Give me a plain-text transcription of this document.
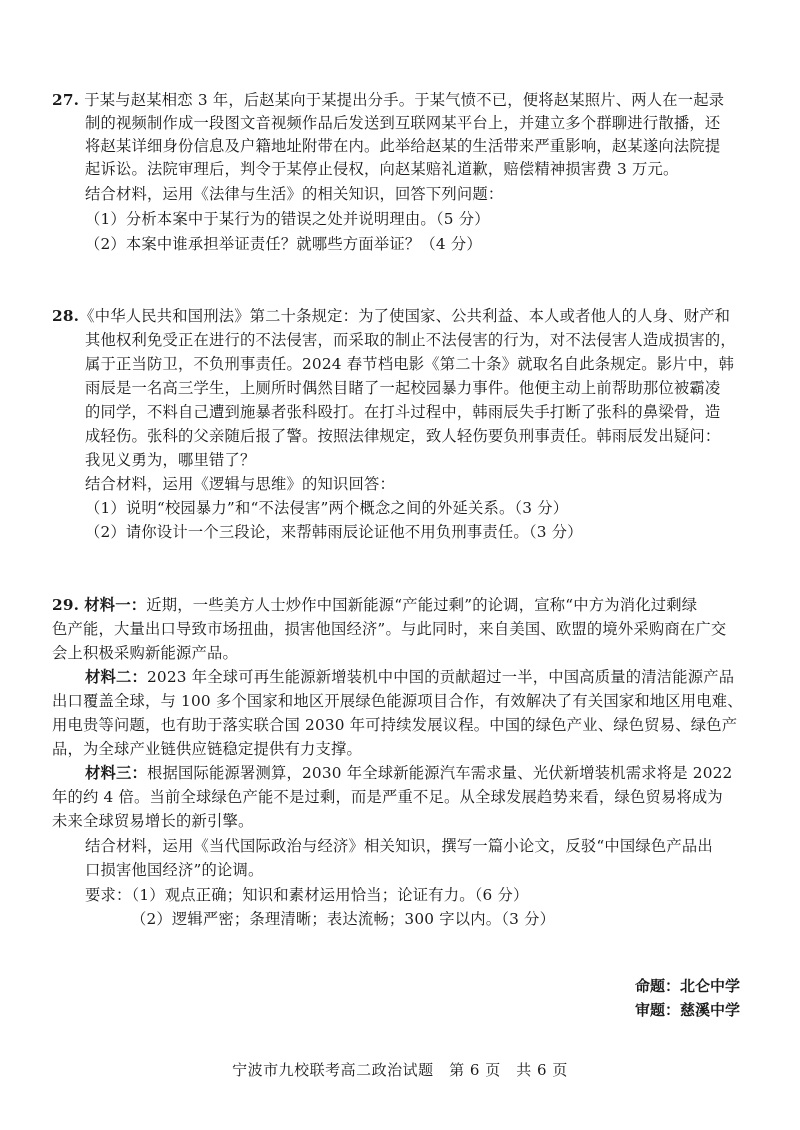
27. 于某与赵某相恋 3 年，后赵某向于某提出分手。于某气愤不已，便将赵某照片、两人在一起录
制的视频制作成一段图文音视频作品后发送到互联网某平台上，并建立多个群聊进行散播，还
将赵某详细身份信息及户籍地址附带在内。此举给赵某的生活带来严重影响，赵某遂向法院提
起诉讼。法院审理后，判令于某停止侵权，向赵某赔礼道歉，赔偿精神损害费 3 万元。
结合材料，运用《法律与生活》的相关知识，回答下列问题：
（1）分析本案中于某行为的错误之处并说明理由。（5 分）
（2）本案中谁承担举证责任？就哪些方面举证？（4 分）
28.《中华人民共和国刑法》第二十条规定：为了使国家、公共利益、本人或者他人的人身、财产和
其他权利免受正在进行的不法侵害，而采取的制止不法侵害的行为，对不法侵害人造成损害的，
属于正当防卫，不负刑事责任。2024 春节档电影《第二十条》就取名自此条规定。影片中，韩
雨辰是一名高三学生，上厕所时偶然目睹了一起校园暴力事件。他便主动上前帮助那位被霸凌
的同学，不料自己遭到施暴者张科殴打。在打斗过程中，韩雨辰失手打断了张科的鼻梁骨，造
成轻伤。张科的父亲随后报了警。按照法律规定，致人轻伤要负刑事责任。韩雨辰发出疑问：
我见义勇为，哪里错了？
结合材料，运用《逻辑与思维》的知识回答：
（1）说明“校园暴力”和“不法侵害”两个概念之间的外延关系。（3 分）
（2）请你设计一个三段论，来帮韩雨辰论证他不用负刑事责任。（3 分）
29. 材料一：近期，一些美方人士炒作中国新能源“产能过剩”的论调，宣称“中方为消化过剩绿
色产能，大量出口导致市场扭曲，损害他国经济”。与此同时，来自美国、欧盟的境外采购商在广交
会上积极采购新能源产品。
材料二：2023 年全球可再生能源新增装机中中国的贡献超过一半，中国高质量的清洁能源产品
出口覆盖全球，与 100 多个国家和地区开展绿色能源项目合作，有效解决了有关国家和地区用电难、
用电贵等问题，也有助于落实联合国 2030 年可持续发展议程。中国的绿色产业、绿色贸易、绿色产
品，为全球产业链供应链稳定提供有力支撑。
材料三：根据国际能源署测算，2030 年全球新能源汽车需求量、光伏新增装机需求将是 2022
年的约 4 倍。当前全球绿色产能不是过剩，而是严重不足。从全球发展趋势来看，绿色贸易将成为
未来全球贸易增长的新引擎。
结合材料，运用《当代国际政治与经济》相关知识，撰写一篇小论文，反驳“中国绿色产品出
口损害他国经济”的论调。
要求：（1）观点正确；知识和素材运用恰当；论证有力。（6 分）
（2）逻辑严密；条理清晰；表达流畅；300 字以内。（3 分）
命题：北仑中学
审题：慈溪中学
宁波市九校联考高二政治试题　第 6 页　共 6 页
